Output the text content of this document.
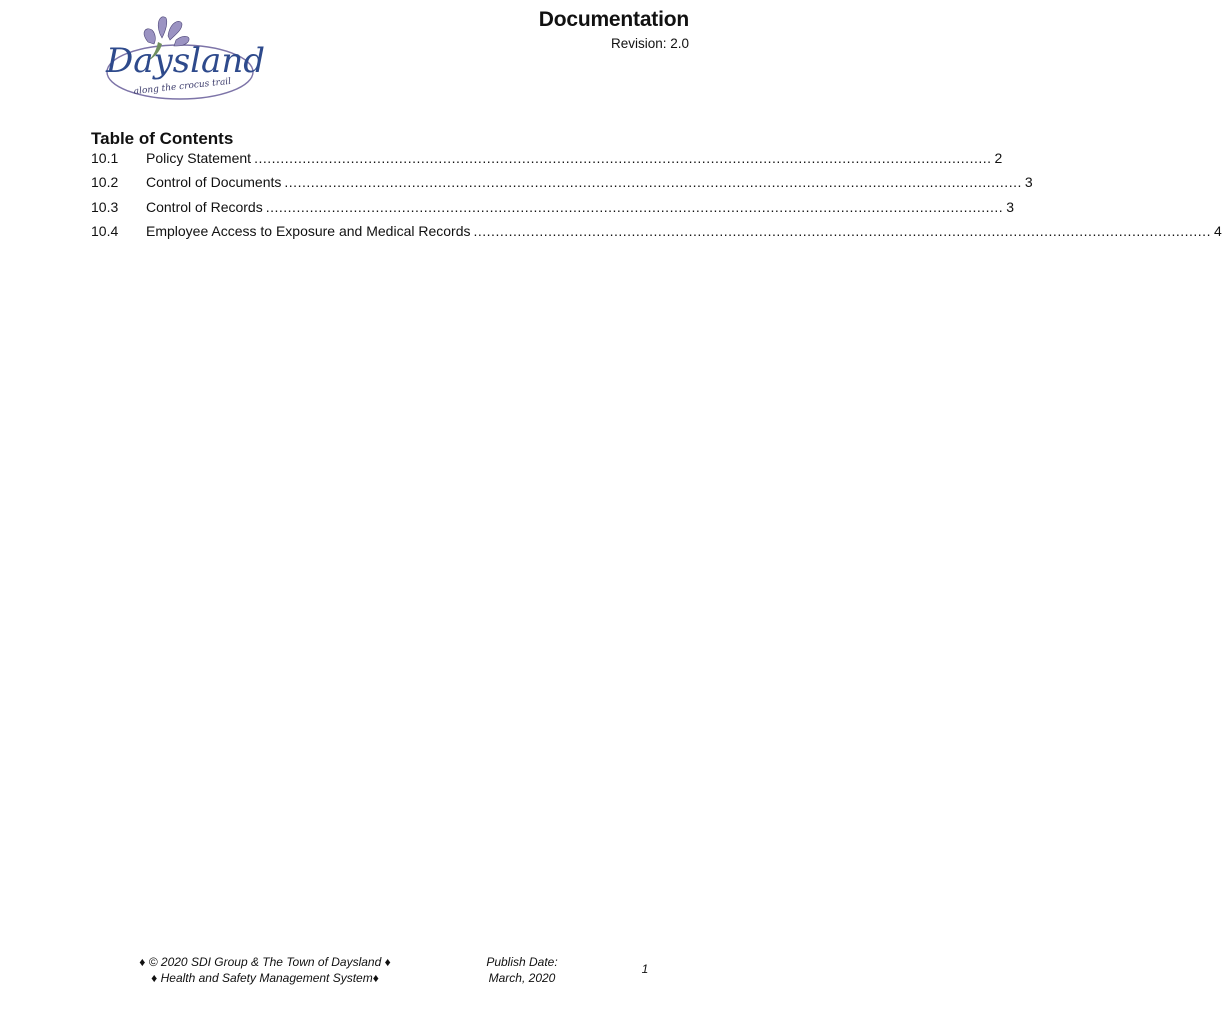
Daysland
along the crocus trail
Documentation
Revision: 2.0
Table of Contents
10.1	Policy Statement ........................................................................................................................................................................ 2
10.2	Control of Documents ........................................................................................................................................................................ 3
10.3	Control of Records ........................................................................................................................................................................ 3
10.4	Employee Access to Exposure and Medical Records ........................................................................................................................................................................ 4
♦ © 2020 SDI Group & The Town of Daysland ♦
♦ Health and Safety Management System♦
Publish Date:
March, 2020
1
